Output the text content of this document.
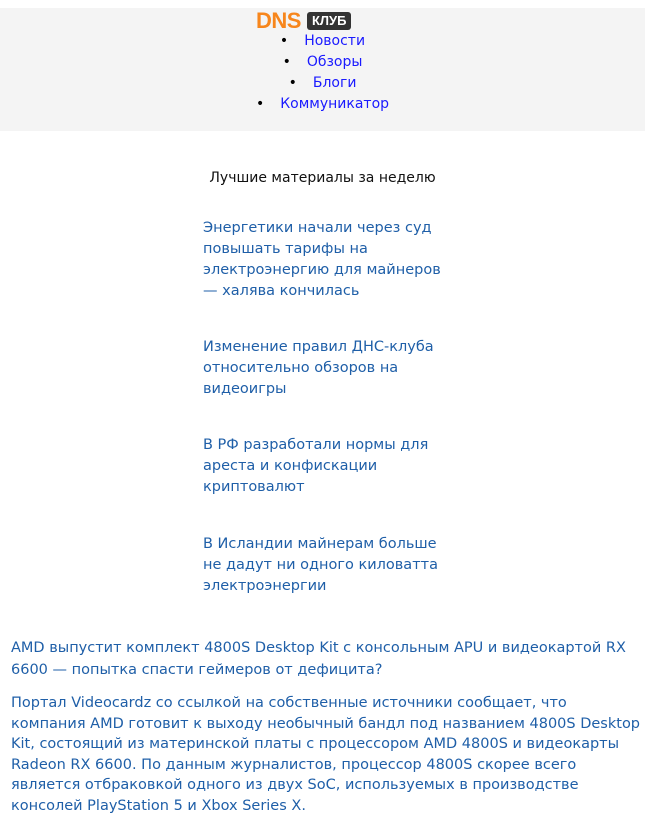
DNS КЛУБ
• Новости
• Обзоры
• Блоги
• Коммуникатор
Лучшие материалы за неделю
Энергетики начали через суд повышать тарифы на электроэнергию для майнеров — халява кончилась
Изменение правил ДНС-клуба относительно обзоров на видеоигры
В РФ разработали нормы для ареста и конфискации криптовалют
В Исландии майнерам больше не дадут ни одного киловатта электроэнергии
AMD выпустит комплект 4800S Desktop Kit с консольным APU и видеокартой RX 6600 — попытка спасти геймеров от дефицита?
Портал Videocardz со ссылкой на собственные источники сообщает, что компания AMD готовит к выходу необычный бандл под названием 4800S Desktop Kit, состоящий из материнской платы с процессором AMD 4800S и видеокарты Radeon RX 6600. По данным журналистов, процессор 4800S скорее всего является отбраковкой одного из двух SoC, используемых в производстве консолей PlayStation 5 и Xbox Series X.
